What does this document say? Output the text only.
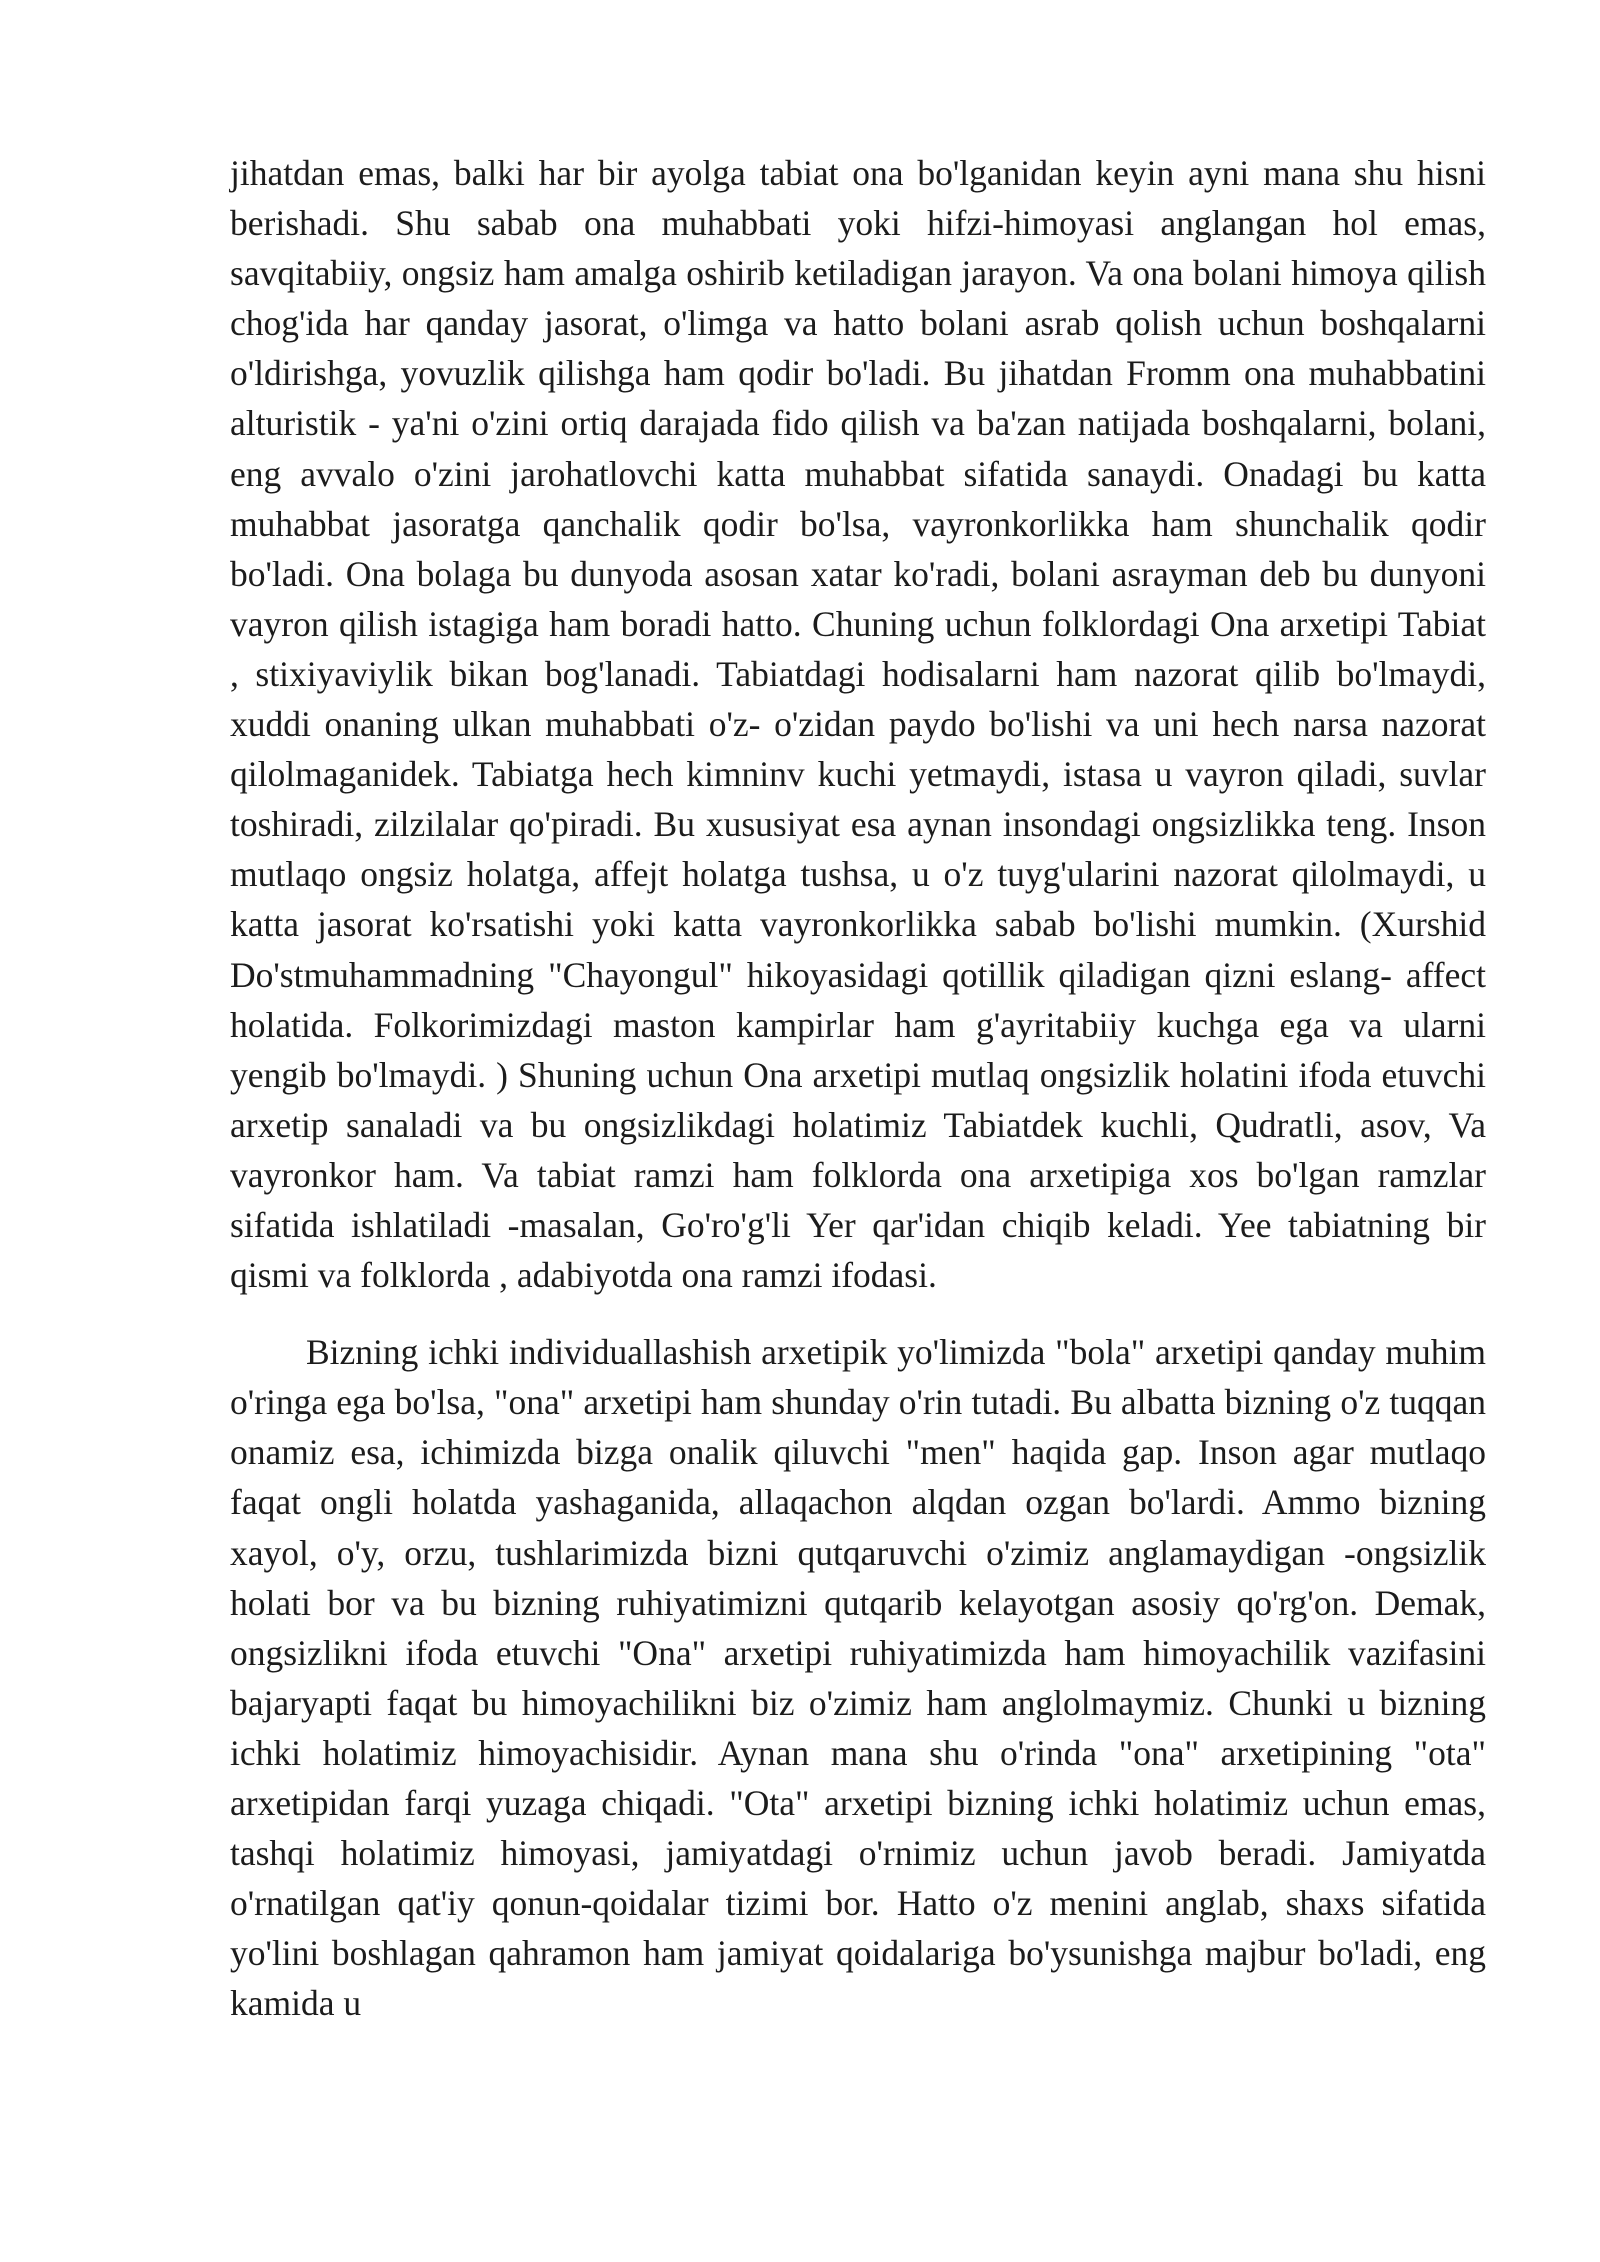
jihatdan emas, balki har bir ayolga tabiat ona bo'lganidan keyin ayni mana shu hisni berishadi. Shu sabab ona muhabbati yoki hifzi-himoyasi anglangan hol emas, savqitabiiy, ongsiz ham amalga oshirib ketiladigan jarayon. Va ona bolani himoya qilish chog'ida har qanday jasorat, o'limga va hatto bolani asrab qolish uchun boshqalarni o'ldirishga, yovuzlik qilishga ham qodir bo'ladi. Bu jihatdan Fromm ona muhabbatini alturistik - ya'ni o'zini ortiq darajada fido qilish va ba'zan natijada boshqalarni, bolani, eng avvalo o'zini jarohatlovchi katta muhabbat sifatida sanaydi. Onadagi bu katta muhabbat jasoratga qanchalik qodir bo'lsa, vayronkorlikka ham shunchalik qodir bo'ladi. Ona bolaga bu dunyoda asosan xatar ko'radi, bolani asrayman deb bu dunyoni vayron qilish istagiga ham boradi hatto. Chuning uchun folklordagi Ona arxetipi Tabiat , stixiyaviylik bikan bog'lanadi. Tabiatdagi hodisalarni ham nazorat qilib bo'lmaydi, xuddi onaning ulkan muhabbati o'z- o'zidan paydo bo'lishi va uni hech narsa nazorat qilolmaganidek. Tabiatga hech kimninv kuchi yetmaydi, istasa u vayron qiladi, suvlar toshiradi, zilzilalar qo'piradi. Bu xususiyat esa aynan insondagi ongsizlikka teng. Inson mutlaqo ongsiz holatga, affejt holatga tushsa, u o'z tuyg'ularini nazorat qilolmaydi, u katta jasorat ko'rsatishi yoki katta vayronkorlikka sabab bo'lishi mumkin. (Xurshid Do'stmuhammadning "Chayongul" hikoyasidagi qotillik qiladigan qizni eslang- affect holatida. Folkorimizdagi maston kampirlar ham g'ayritabiiy kuchga ega va ularni yengib bo'lmaydi. ) Shuning uchun Ona arxetipi mutlaq ongsizlik holatini ifoda etuvchi arxetip sanaladi va bu ongsizlikdagi holatimiz Tabiatdek kuchli, Qudratli, asov, Va vayronkor ham. Va tabiat ramzi ham folklorda ona arxetipiga xos bo'lgan ramzlar sifatida ishlatiladi -masalan, Go'ro'g'li Yer qar'idan chiqib keladi. Yee tabiatning bir qismi va folklorda , adabiyotda ona ramzi ifodasi.

Bizning ichki individuallashish arxetipik yo'limizda "bola" arxetipi qanday muhim o'ringa ega bo'lsa, "ona" arxetipi ham shunday o'rin tutadi. Bu albatta bizning o'z tuqqan onamiz esa, ichimizda bizga onalik qiluvchi "men" haqida gap. Inson agar mutlaqo faqat ongli holatda yashaganida, allaqachon alqdan ozgan bo'lardi. Ammo bizning xayol, o'y, orzu, tushlarimizda bizni qutqaruvchi o'zimiz anglamaydigan -ongsizlik holati bor va bu bizning ruhiyatimizni qutqarib kelayotgan asosiy qo'rg'on. Demak, ongsizlikni ifoda etuvchi "Ona" arxetipi ruhiyatimizda ham himoyachilik vazifasini bajaryapti faqat bu himoyachilikni biz o'zimiz ham anglolmaymiz. Chunki u bizning ichki holatimiz himoyachisidir. Aynan mana shu o'rinda "ona" arxetipining "ota" arxetipidan farqi yuzaga chiqadi. "Ota" arxetipi bizning ichki holatimiz uchun emas, tashqi holatimiz himoyasi, jamiyatdagi o'rnimiz uchun javob beradi. Jamiyatda o'rnatilgan qat'iy qonun-qoidalar tizimi bor. Hatto o'z menini anglab, shaxs sifatida yo'lini boshlagan qahramon ham jamiyat qoidalariga bo'ysunishga majbur bo'ladi, eng kamida u
